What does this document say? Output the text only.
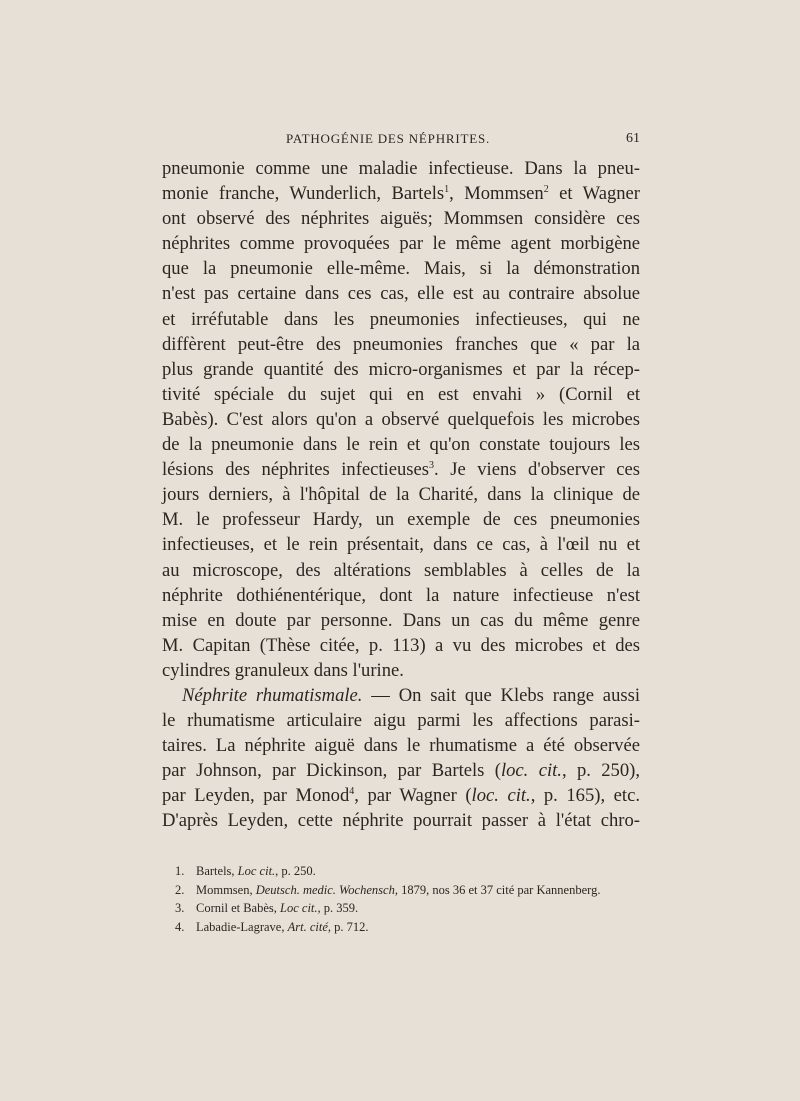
PATHOGÉNIE DES NÉPHRITES.	61
pneumonie comme une maladie infectieuse. Dans la pneu-
monie franche, Wunderlich, Bartels$^1$, Mommsen$^2$ et Wagner
ont observé des néphrites aiguës; Mommsen considère ces
néphrites comme provoquées par le même agent morbigène
que la pneumonie elle-même. Mais, si la démonstration
n'est pas certaine dans ces cas, elle est au contraire absolue
et irréfutable dans les pneumonies infectieuses, qui ne
diffèrent peut-être des pneumonies franches que « par la
plus grande quantité des micro-organismes et par la récep-
tivité spéciale du sujet qui en est envahi » (Cornil et
Babès). C'est alors qu'on a observé quelquefois les microbes
de la pneumonie dans le rein et qu'on constate toujours les
lésions des néphrites infectieuses$^3$. Je viens d'observer ces
jours derniers, à l'hôpital de la Charité, dans la clinique de
M. le professeur Hardy, un exemple de ces pneumonies
infectieuses, et le rein présentait, dans ce cas, à l'œil nu et
au microscope, des altérations semblables à celles de la
néphrite dothiénentérique, dont la nature infectieuse n'est
mise en doute par personne. Dans un cas du même genre
M. Capitan (Thèse citée, p. 113) a vu des microbes et des
cylindres granuleux dans l'urine.
Néphrite rhumatismale. — On sait que Klebs range aussi
le rhumatisme articulaire aigu parmi les affections parasi-
taires. La néphrite aiguë dans le rhumatisme a été observée
par Johnson, par Dickinson, par Bartels (loc. cit., p. 250),
par Leyden, par Monod$^4$, par Wagner (loc. cit., p. 165), etc.
D'après Leyden, cette néphrite pourrait passer à l'état chro-
1. Bartels, Loc cit., p. 250.
2. Mommsen, Deutsch. medic. Wochensch, 1879, nos 36 et 37 cité par Kannenberg.
3. Cornil et Babès, Loc cit., p. 359.
4. Labadie-Lagrave, Art. cité, p. 712.
